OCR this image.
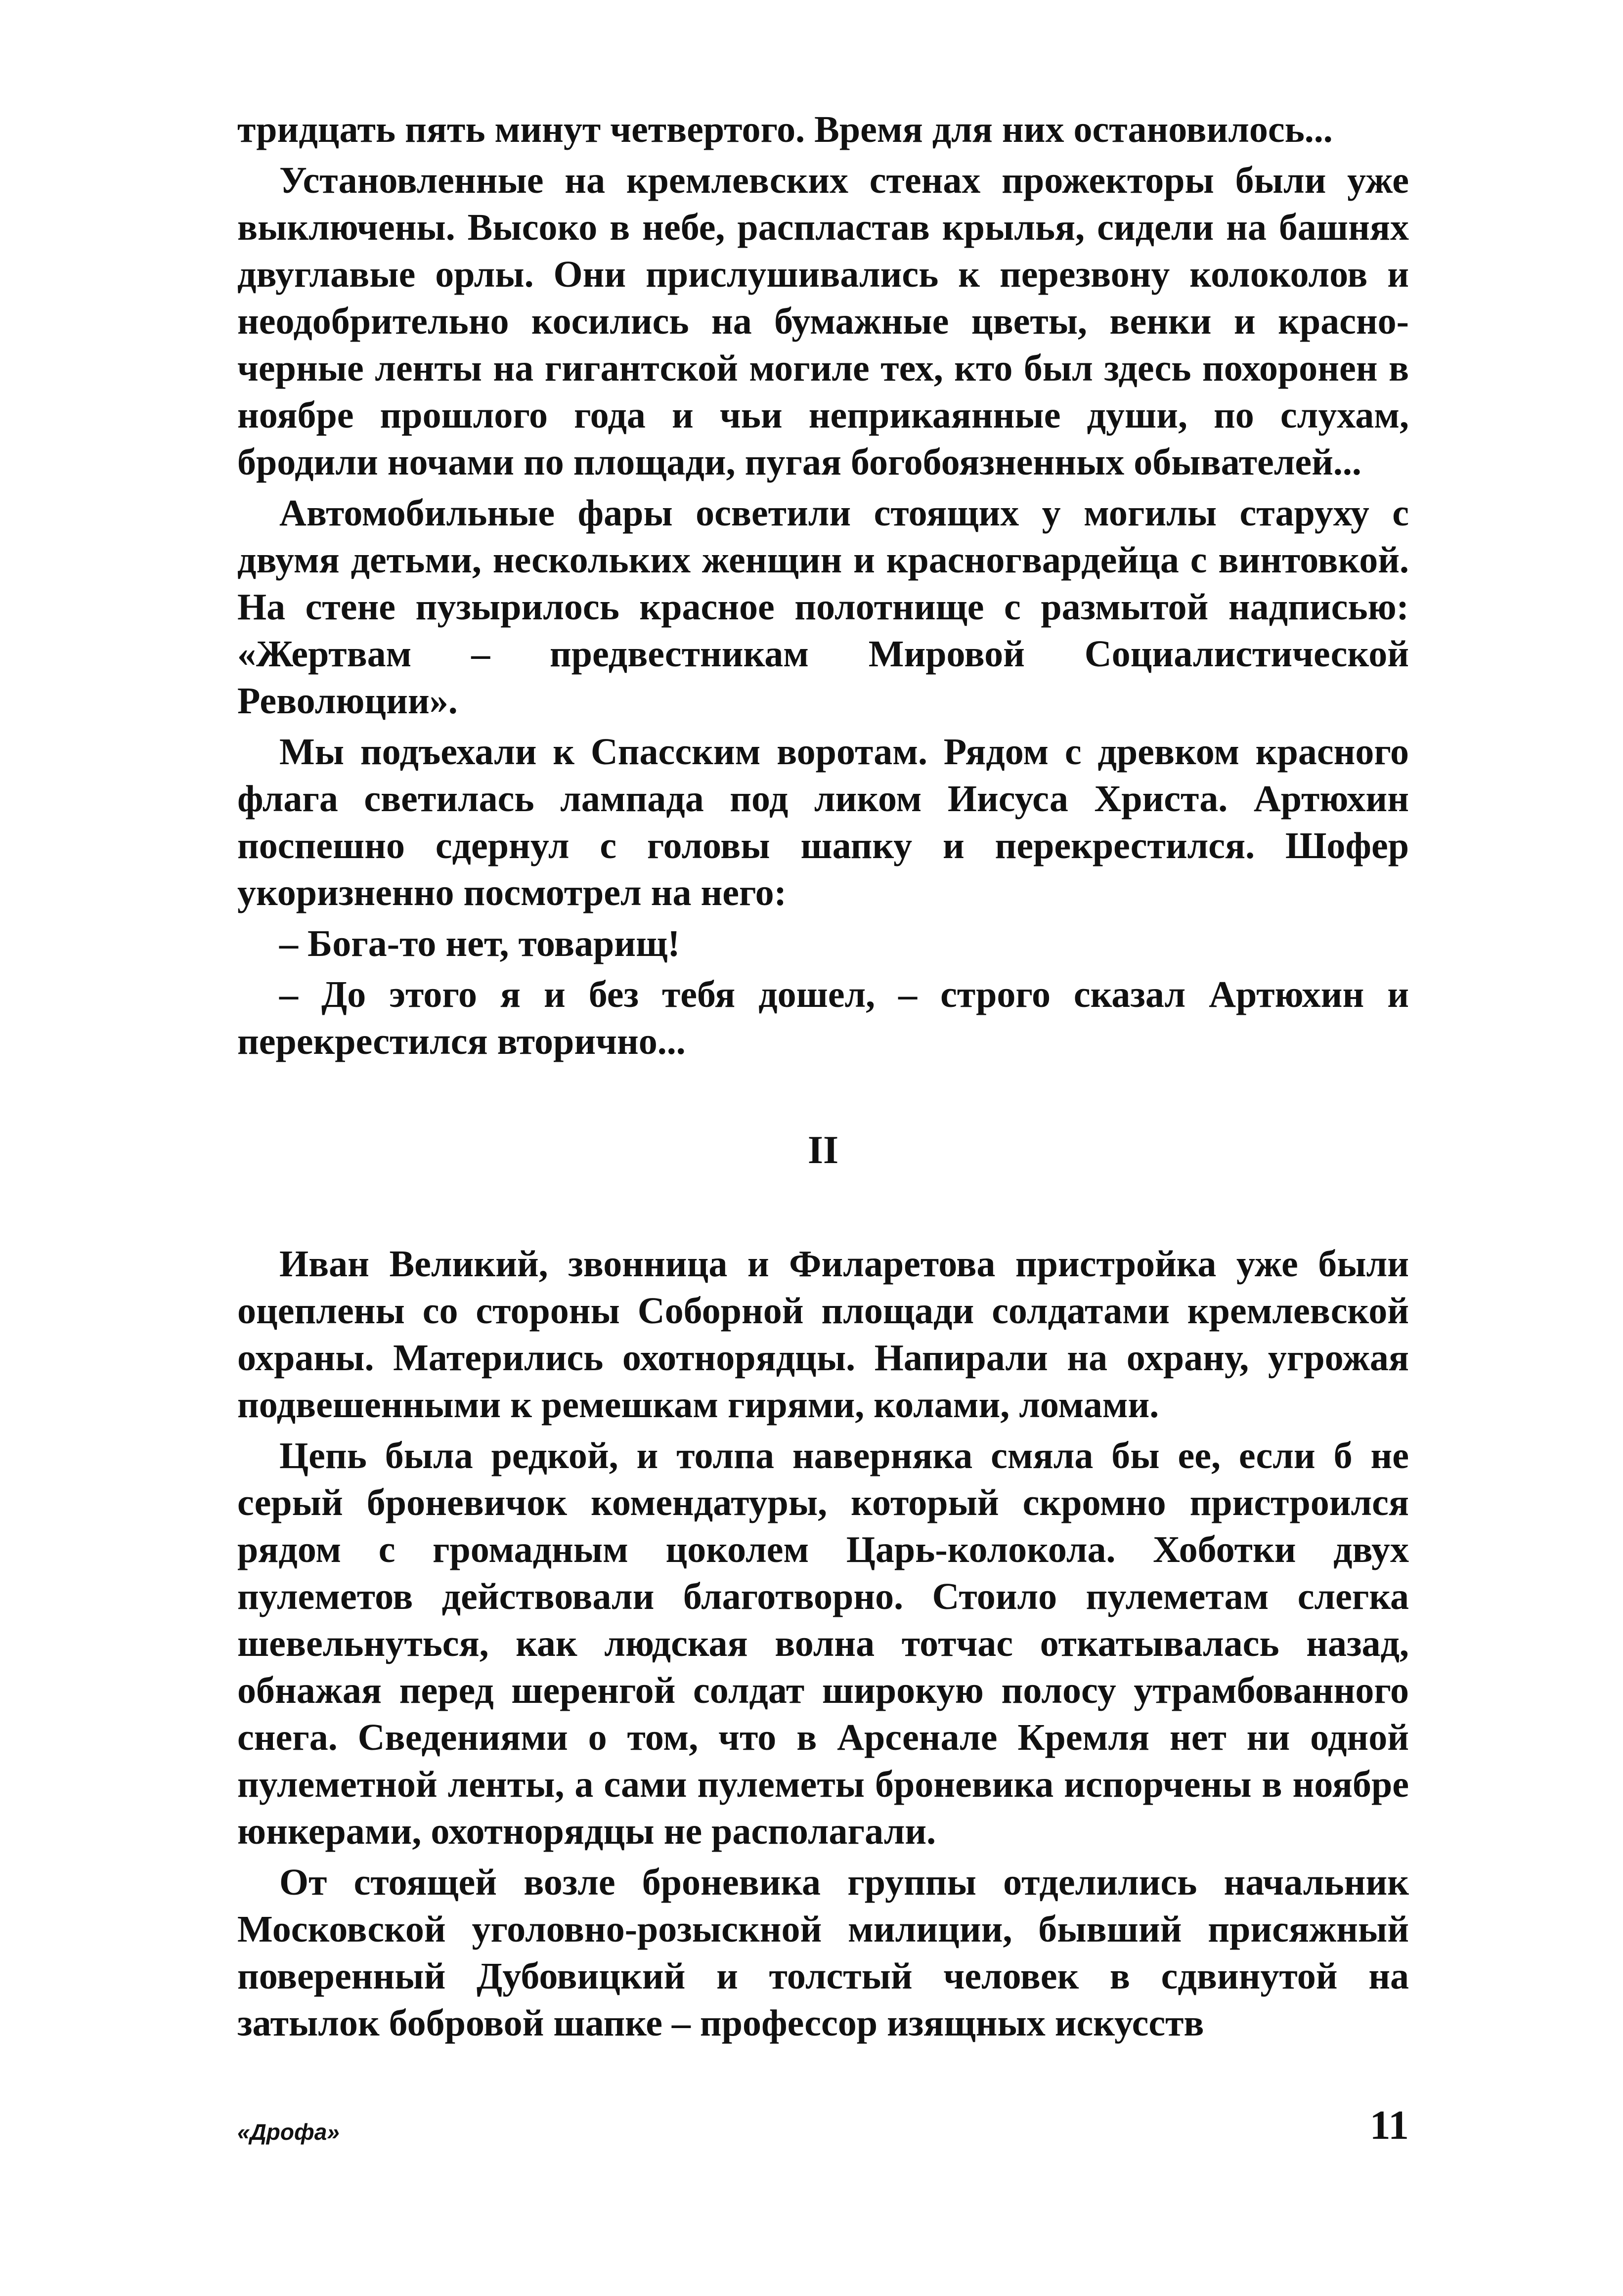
тридцать пять минут четвертого. Время для них остановилось...

Установленные на кремлевских стенах прожекторы были уже выключены. Высоко в небе, распластав крылья, сидели на башнях двуглавые орлы. Они прислушивались к перезвону колоколов и неодобрительно косились на бумажные цветы, венки и красно-черные ленты на гигантской могиле тех, кто был здесь похоронен в ноябре прошлого года и чьи неприкаянные души, по слухам, бродили ночами по площади, пугая богобоязненных обывателей...

Автомобильные фары осветили стоящих у могилы старуху с двумя детьми, нескольких женщин и красногвардейца с винтовкой. На стене пузырилось красное полотнище с размытой надписью: «Жертвам – предвестникам Мировой Социалистической Революции».

Мы подъехали к Спасским воротам. Рядом с древком красного флага светилась лампада под ликом Иисуса Христа. Артюхин поспешно сдернул с головы шапку и перекрестился. Шофер укоризненно посмотрел на него:

– Бога-то нет, товарищ!

– До этого я и без тебя дошел, – строго сказал Артюхин и перекрестился вторично...

II

Иван Великий, звонница и Филаретова пристройка уже были оцеплены со стороны Соборной площади солдатами кремлевской охраны. Матерились охотнорядцы. Напирали на охрану, угрожая подвешенными к ремешкам гирями, колами, ломами.

Цепь была редкой, и толпа наверняка смяла бы ее, если б не серый броневичок комендатуры, который скромно пристроился рядом с громадным цоколем Царь-колокола. Хоботки двух пулеметов действовали благотворно. Стоило пулеметам слегка шевельнуться, как людская волна тотчас откатывалась назад, обнажая перед шеренгой солдат широкую полосу утрамбованного снега. Сведениями о том, что в Арсенале Кремля нет ни одной пулеметной ленты, а сами пулеметы броневика испорчены в ноябре юнкерами, охотнорядцы не располагали.

От стоящей возле броневика группы отделились начальник Московской уголовно-розыскной милиции, бывший присяжный поверенный Дубовицкий и толстый человек в сдвинутой на затылок бобровой шапке – профессор изящных искусств

«Дрофа»	11
